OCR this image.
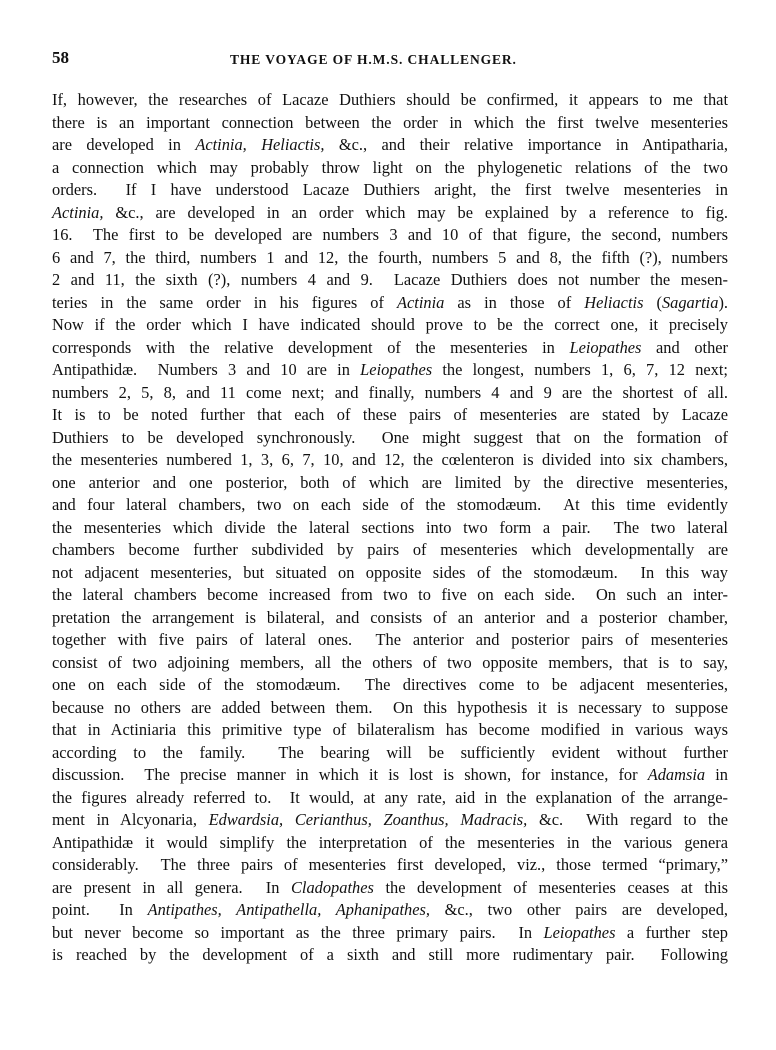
58	THE VOYAGE OF H.M.S. CHALLENGER.
If, however, the researches of Lacaze Duthiers should be confirmed, it appears to me that
there is an important connection between the order in which the first twelve mesenteries
are developed in Actinia, Heliactis, &c., and their relative importance in Antipatharia,
a connection which may probably throw light on the phylogenetic relations of the two
orders.  If I have understood Lacaze Duthiers aright, the first twelve mesenteries in
Actinia, &c., are developed in an order which may be explained by a reference to fig.
16.  The first to be developed are numbers 3 and 10 of that figure, the second, numbers
6 and 7, the third, numbers 1 and 12, the fourth, numbers 5 and 8, the fifth (?), numbers
2 and 11, the sixth (?), numbers 4 and 9.  Lacaze Duthiers does not number the mesen-
teries in the same order in his figures of Actinia as in those of Heliactis (Sagartia).
Now if the order which I have indicated should prove to be the correct one, it precisely
corresponds with the relative development of the mesenteries in Leiopathes and other
Antipathidæ.  Numbers 3 and 10 are in Leiopathes the longest, numbers 1, 6, 7, 12 next;
numbers 2, 5, 8, and 11 come next; and finally, numbers 4 and 9 are the shortest of all.
It is to be noted further that each of these pairs of mesenteries are stated by Lacaze
Duthiers to be developed synchronously.  One might suggest that on the formation of
the mesenteries numbered 1, 3, 6, 7, 10, and 12, the cœlenteron is divided into six chambers,
one anterior and one posterior, both of which are limited by the directive mesenteries,
and four lateral chambers, two on each side of the stomodæum.  At this time evidently
the mesenteries which divide the lateral sections into two form a pair.  The two lateral
chambers become further subdivided by pairs of mesenteries which developmentally are
not adjacent mesenteries, but situated on opposite sides of the stomodæum.  In this way
the lateral chambers become increased from two to five on each side.  On such an inter-
pretation the arrangement is bilateral, and consists of an anterior and a posterior chamber,
together with five pairs of lateral ones.  The anterior and posterior pairs of mesenteries
consist of two adjoining members, all the others of two opposite members, that is to say,
one on each side of the stomodæum.  The directives come to be adjacent mesenteries,
because no others are added between them.  On this hypothesis it is necessary to suppose
that in Actiniaria this primitive type of bilateralism has become modified in various ways
according to the family.  The bearing will be sufficiently evident without further
discussion.  The precise manner in which it is lost is shown, for instance, for Adamsia in
the figures already referred to.  It would, at any rate, aid in the explanation of the arrange-
ment in Alcyonaria, Edwardsia, Cerianthus, Zoanthus, Madracis, &c.  With regard to the
Antipathidæ it would simplify the interpretation of the mesenteries in the various genera
considerably.  The three pairs of mesenteries first developed, viz., those termed “primary,”
are present in all genera.  In Cladopathes the development of mesenteries ceases at this
point.  In Antipathes, Antipathella, Aphanipathes, &c., two other pairs are developed,
but never become so important as the three primary pairs.  In Leiopathes a further step
is reached by the development of a sixth and still more rudimentary pair.  Following
